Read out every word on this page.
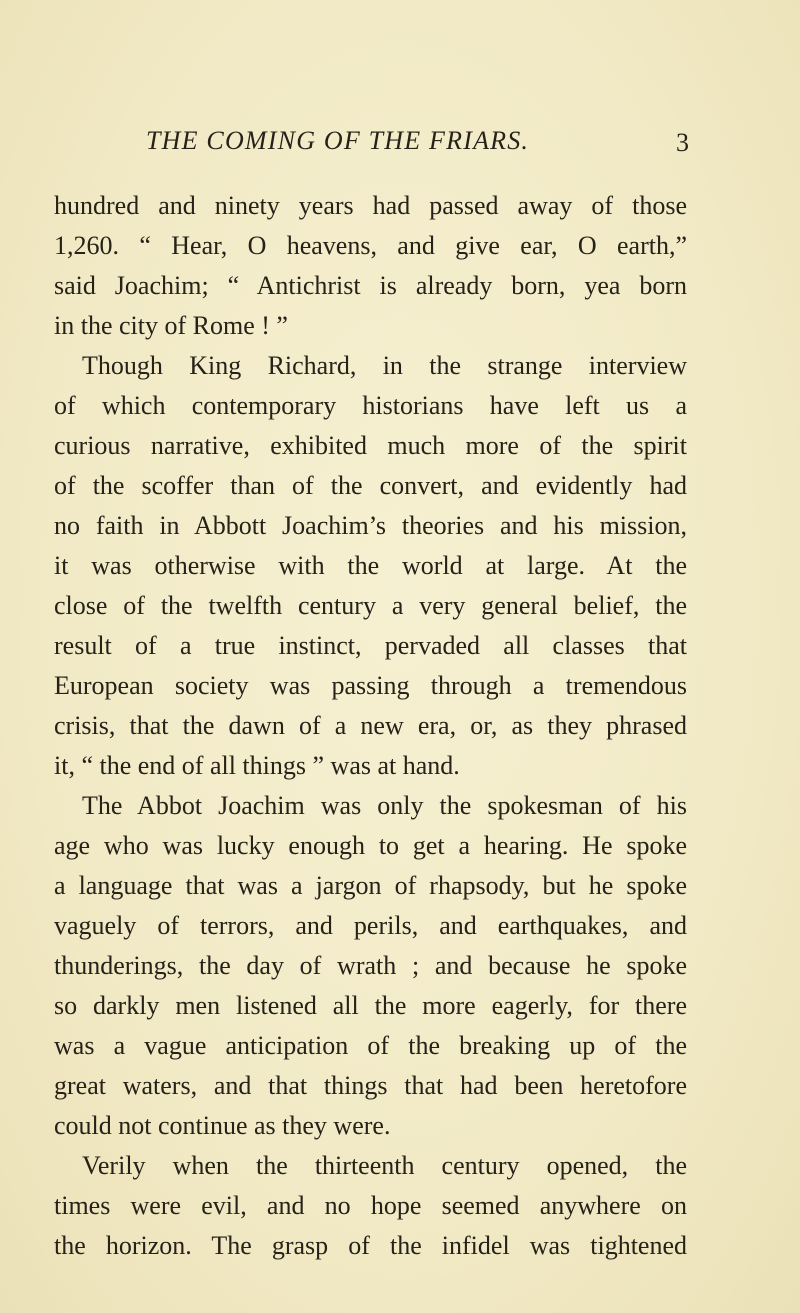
THE COMING OF THE FRIARS.	3
hundred and ninety years had passed away of those
1,260. “ Hear, O heavens, and give ear, O earth,”
said Joachim; “ Antichrist is already born, yea born
in the city of Rome ! ”
Though King Richard, in the strange interview
of which contemporary historians have left us a
curious narrative, exhibited much more of the spirit
of the scoffer than of the convert, and evidently had
no faith in Abbott Joachim’s theories and his mission,
it was otherwise with the world at large. At the
close of the twelfth century a very general belief, the
result of a true instinct, pervaded all classes that
European society was passing through a tremendous
crisis, that the dawn of a new era, or, as they phrased
it, “ the end of all things ” was at hand.
The Abbot Joachim was only the spokesman of his
age who was lucky enough to get a hearing. He spoke
a language that was a jargon of rhapsody, but he spoke
vaguely of terrors, and perils, and earthquakes, and
thunderings, the day of wrath ; and because he spoke
so darkly men listened all the more eagerly, for there
was a vague anticipation of the breaking up of the
great waters, and that things that had been heretofore
could not continue as they were.
Verily when the thirteenth century opened, the
times were evil, and no hope seemed anywhere on
the horizon. The grasp of the infidel was tightened
